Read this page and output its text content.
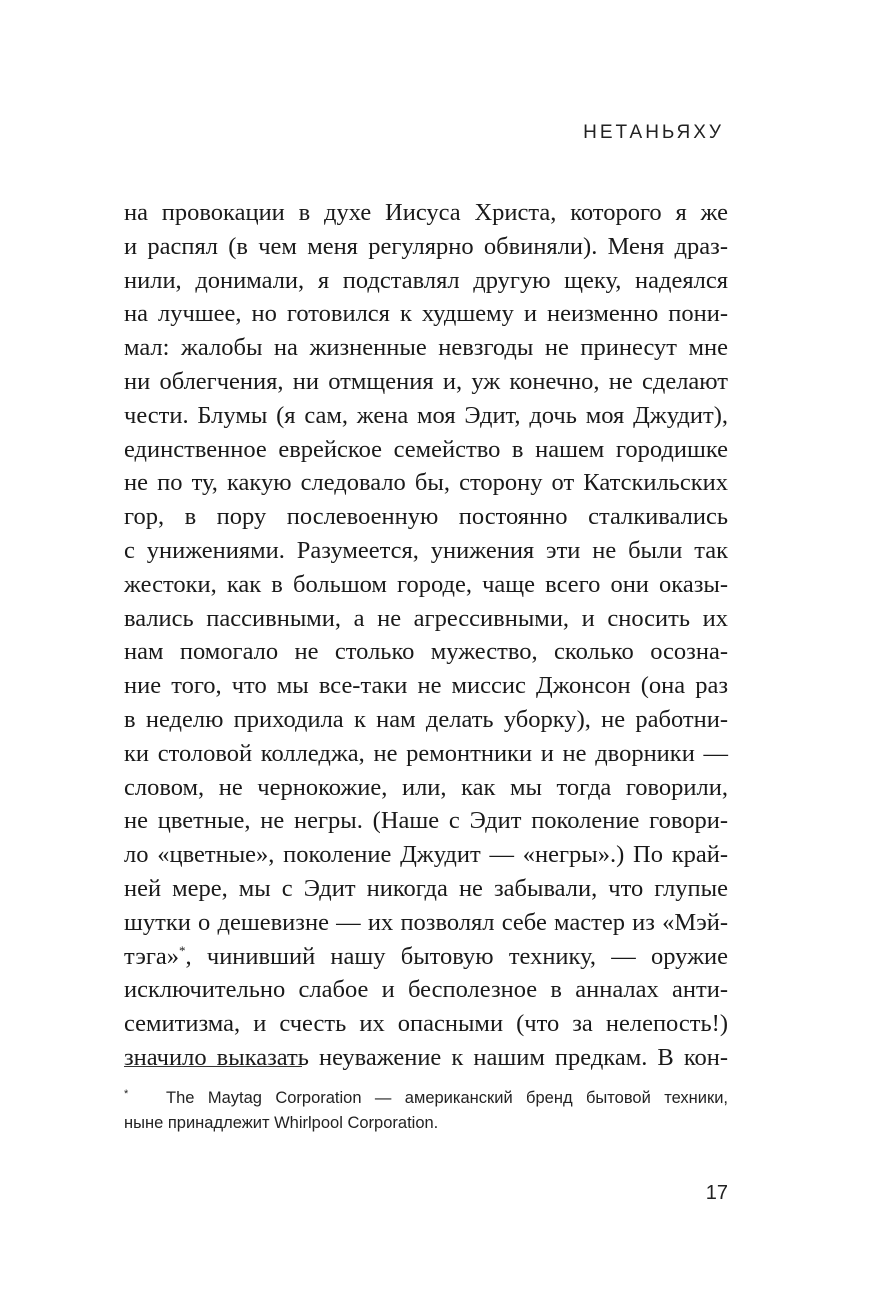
НЕТАНЬЯХУ
на провокации в духе Иисуса Христа, которого я же
и распял (в чем меня регулярно обвиняли). Меня драз-
нили, донимали, я подставлял другую щеку, надеялся
на лучшее, но готовился к худшему и неизменно пони-
мал: жалобы на жизненные невзгоды не принесут мне
ни облегчения, ни отмщения и, уж конечно, не сделают
чести. Блумы (я сам, жена моя Эдит, дочь моя Джудит),
единственное еврейское семейство в нашем городишке
не по ту, какую следовало бы, сторону от Катскильских
гор, в пору послевоенную постоянно сталкивались
с унижениями. Разумеется, унижения эти не были так
жестоки, как в большом городе, чаще всего они оказы-
вались пассивными, а не агрессивными, и сносить их
нам помогало не столько мужество, сколько осозна-
ние того, что мы все-таки не миссис Джонсон (она раз
в неделю приходила к нам делать уборку), не работни-
ки столовой колледжа, не ремонтники и не дворники —
словом, не чернокожие, или, как мы тогда говорили,
не цветные, не негры. (Наше с Эдит поколение говори-
ло «цветные», поколение Джудит — «негры».) По край-
ней мере, мы с Эдит никогда не забывали, что глупые
шутки о дешевизне — их позволял себе мастер из «Мэй-
тэга»*, чинивший нашу бытовую технику, — оружие
исключительно слабое и бесполезное в анналах анти-
семитизма, и счесть их опасными (что за нелепость!)
значило выказать неуважение к нашим предкам. В кон-
* The Maytag Corporation — американский бренд бытовой техники,
ныне принадлежит Whirlpool Corporation.
17
